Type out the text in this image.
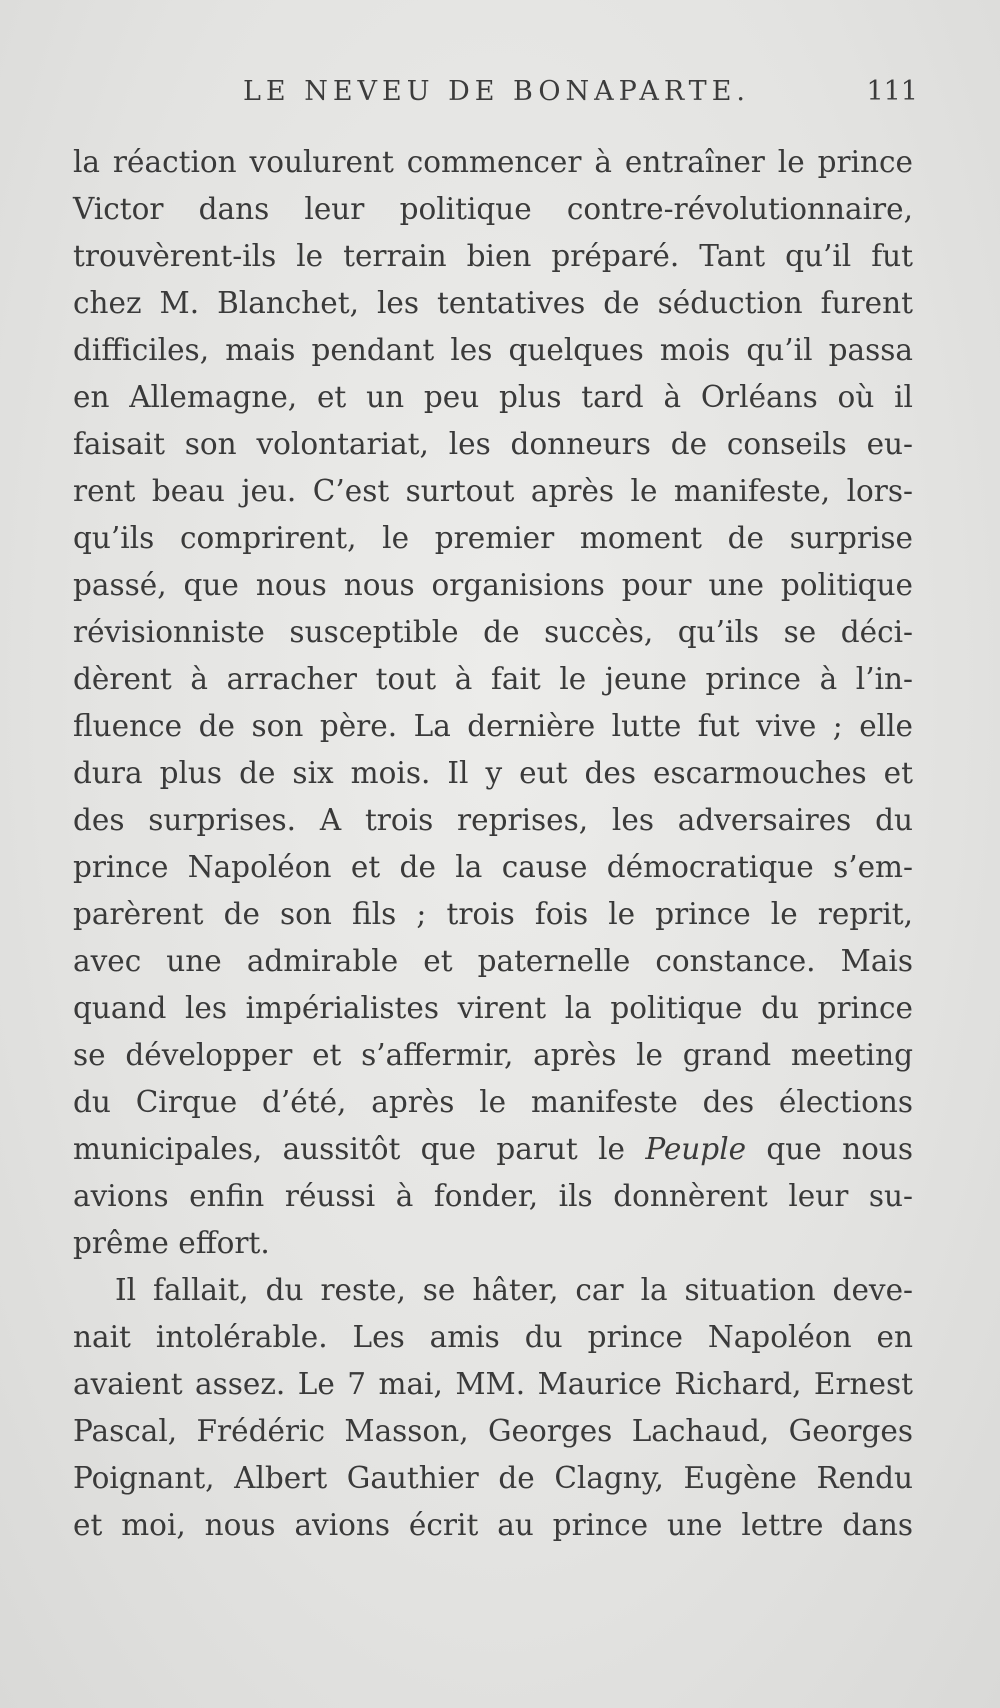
LE NEVEU DE BONAPARTE.	111
la réaction voulurent commencer à entraîner le prince
Victor dans leur politique contre-révolutionnaire,
trouvèrent-ils le terrain bien préparé. Tant qu’il fut
chez M. Blanchet, les tentatives de séduction furent
difficiles, mais pendant les quelques mois qu’il passa
en Allemagne, et un peu plus tard à Orléans où il
faisait son volontariat, les donneurs de conseils eu-
rent beau jeu. C’est surtout après le manifeste, lors-
qu’ils comprirent, le premier moment de surprise
passé, que nous nous organisions pour une politique
révisionniste susceptible de succès, qu’ils se déci-
dèrent à arracher tout à fait le jeune prince à l’in-
fluence de son père. La dernière lutte fut vive ; elle
dura plus de six mois. Il y eut des escarmouches et
des surprises. A trois reprises, les adversaires du
prince Napoléon et de la cause démocratique s’em-
parèrent de son fils ; trois fois le prince le reprit,
avec une admirable et paternelle constance. Mais
quand les impérialistes virent la politique du prince
se développer et s’affermir, après le grand meeting
du Cirque d’été, après le manifeste des élections
municipales, aussitôt que parut le Peuple que nous
avions enfin réussi à fonder, ils donnèrent leur su-
prême effort.
Il fallait, du reste, se hâter, car la situation deve-
nait intolérable. Les amis du prince Napoléon en
avaient assez. Le 7 mai, MM. Maurice Richard, Ernest
Pascal, Frédéric Masson, Georges Lachaud, Georges
Poignant, Albert Gauthier de Clagny, Eugène Rendu
et moi, nous avions écrit au prince une lettre dans
